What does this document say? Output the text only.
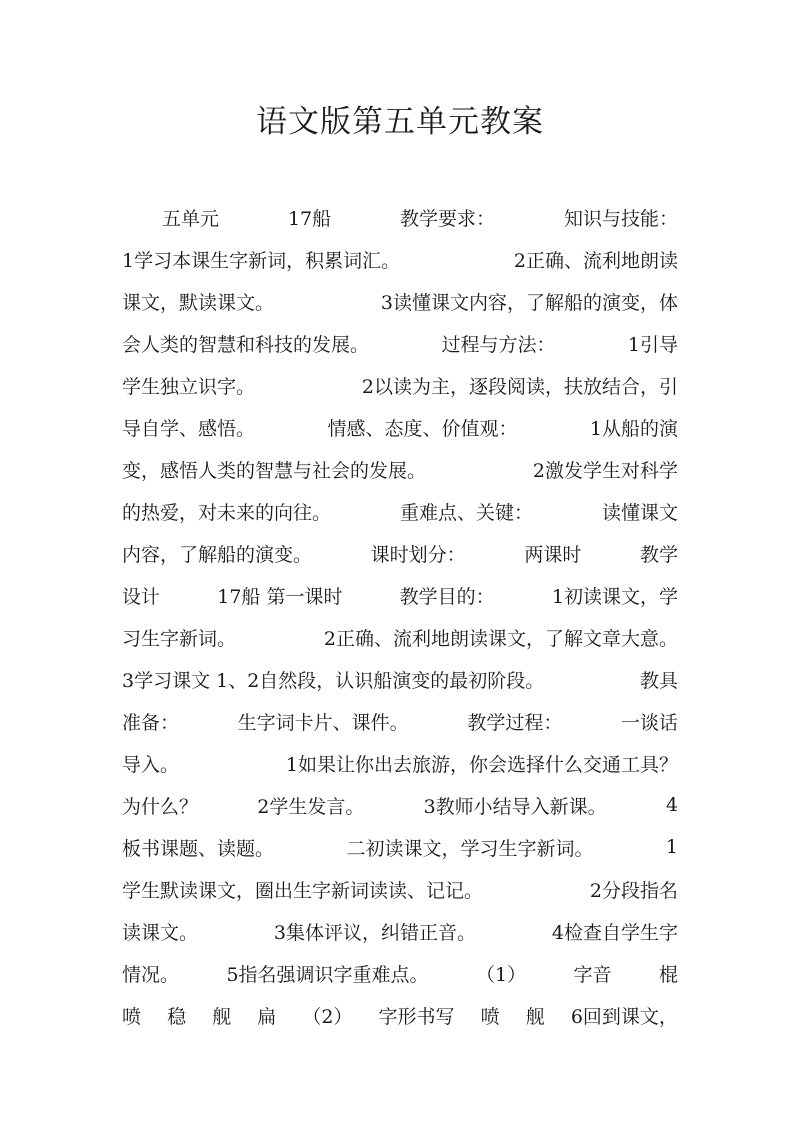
语文版第五单元教案
五单元	17船	教学要求：	知识与技能：
1学习本课生字新词，积累词汇。	2正确、流利地朗读
课文，默读课文。	3读懂课文内容，了解船的演变，体
会人类的智慧和科技的发展。	过程与方法：	1引导
学生独立识字。	2以读为主，逐段阅读，扶放结合，引
导自学、感悟。	情感、态度、价值观：	1从船的演
变，感悟人类的智慧与社会的发展。	2激发学生对科学
的热爱，对未来的向往。	重难点、关键：	读懂课文
内容，了解船的演变。	课时划分：	两课时	教学
设计	17船 第一课时	教学目的：	1初读课文，学
习生字新词。	2正确、流利地朗读课文，了解文章大意。
3学习课文 1、2自然段，认识船演变的最初阶段。	教具
准备：	生字词卡片、课件。	教学过程：	一谈话
导入。	1如果让你出去旅游，你会选择什么交通工具？
为什么？	2学生发言。	3教师小结导入新课。	4
板书课题、读题。	二初读课文，学习生字新词。	1
学生默读课文，圈出生字新词读读、记记。	2分段指名
读课文。	3集体评议，纠错正音。	4检查自学生字
情况。 5指名强调识字重难点。 （1） 字音 棍
喷 稳 舰 扁 （2） 字形书写 喷 舰 6回到课文，
